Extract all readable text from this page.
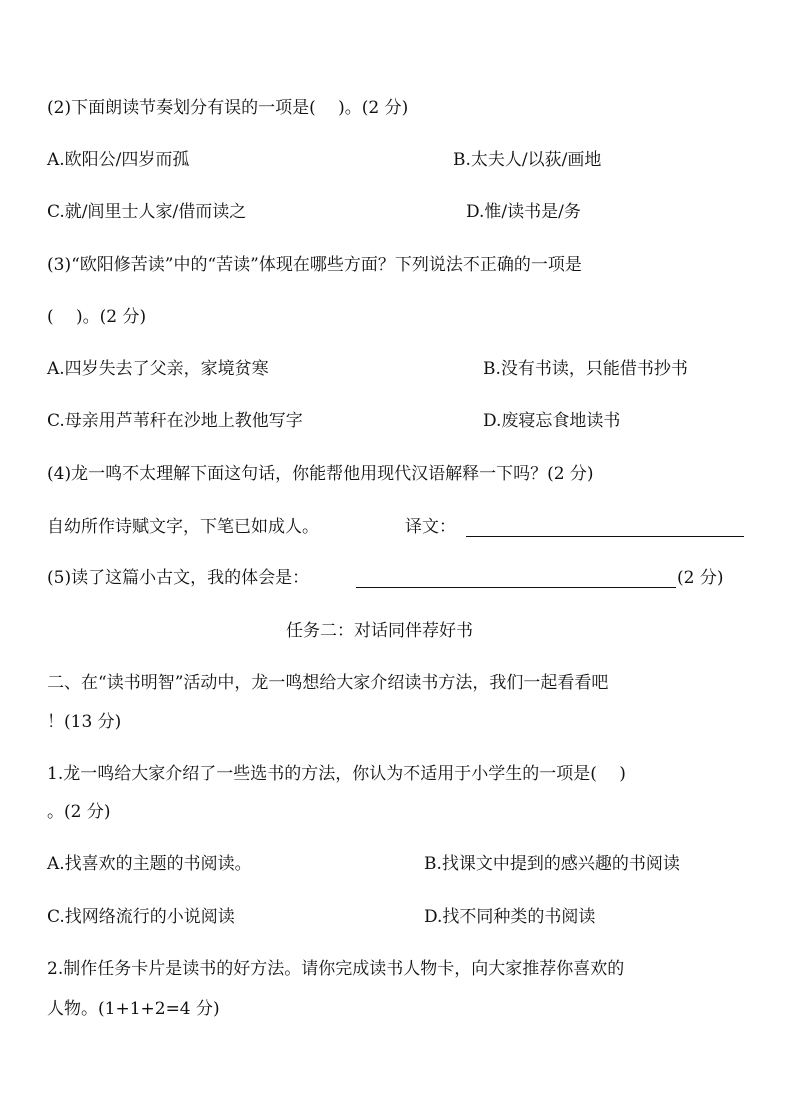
(2)下面朗读节奏划分有误的一项是(　 )。(2 分)
A.欧阳公/四岁而孤	B.太夫人/以荻/画地
C.就/闾里士人家/借而读之	D.惟/读书是/务
(3)“欧阳修苦读”中的“苦读”体现在哪些方面？下列说法不正确的一项是
(　 )。(2 分)
A.四岁失去了父亲，家境贫寒	B.没有书读，只能借书抄书
C.母亲用芦苇秆在沙地上教他写字	D.废寝忘食地读书
(4)龙一鸣不太理解下面这句话，你能帮他用现代汉语解释一下吗？(2 分)
自幼所作诗赋文字，下笔已如成人。	译文：
(5)读了这篇小古文，我的体会是：	(2 分)
任务二：对话同伴荐好书
二、在“读书明智”活动中，龙一鸣想给大家介绍读书方法，我们一起看看吧
！(13 分)
1.龙一鸣给大家介绍了一些选书的方法，你认为不适用于小学生的一项是(　 )
。(2 分)
A.找喜欢的主题的书阅读。	B.找课文中提到的感兴趣的书阅读
C.找网络流行的小说阅读	D.找不同种类的书阅读
2.制作任务卡片是读书的好方法。请你完成读书人物卡，向大家推荐你喜欢的
人物。(1+1+2=4 分)
